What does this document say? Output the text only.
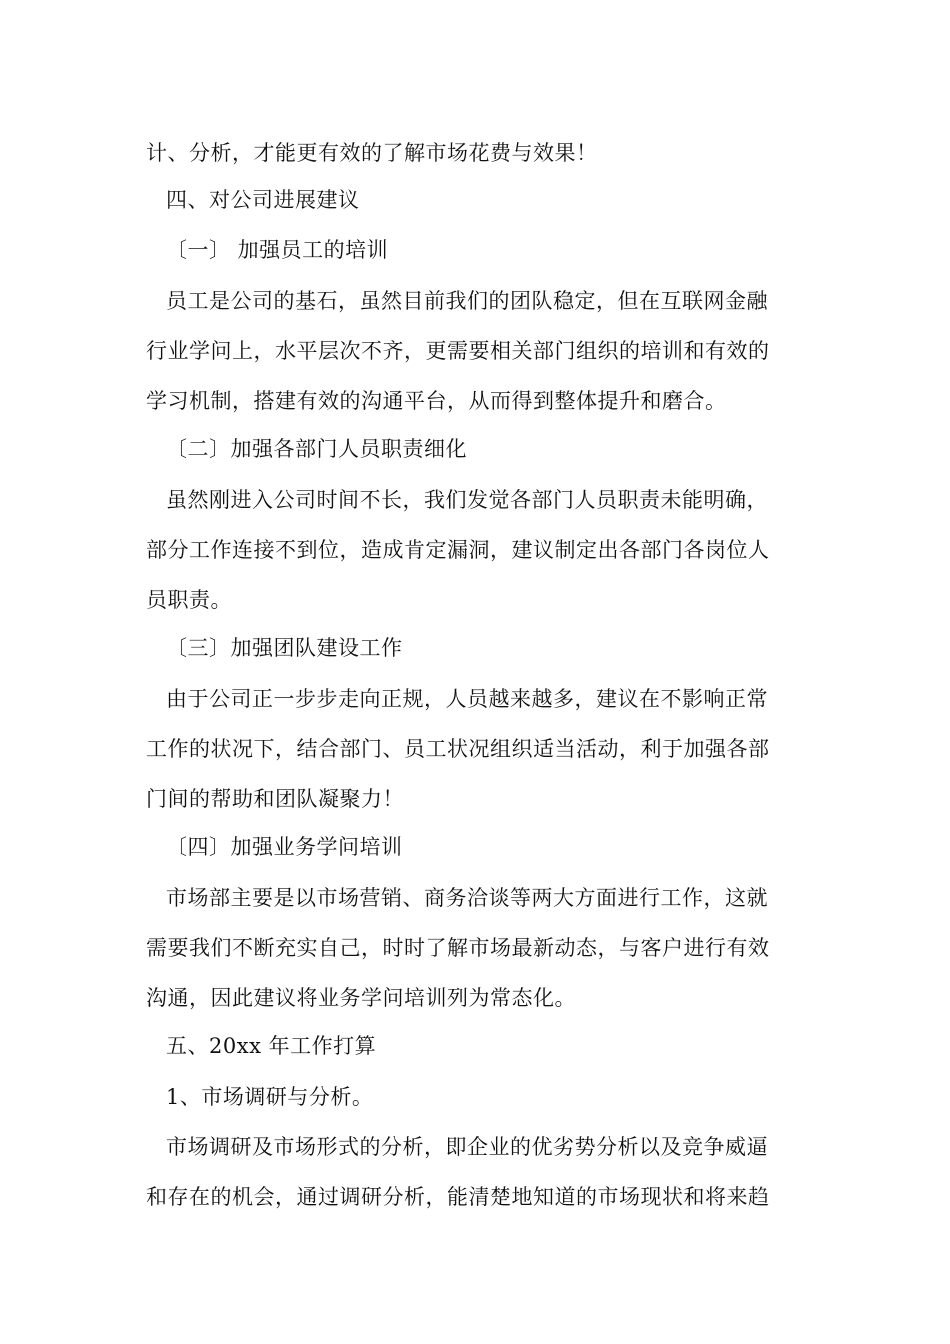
计、分析，才能更有效的了解市场花费与效果！
四、对公司进展建议
〔一〕 加强员工的培训
员工是公司的基石，虽然目前我们的团队稳定，但在互联网金融
行业学问上，水平层次不齐，更需要相关部门组织的培训和有效的
学习机制，搭建有效的沟通平台，从而得到整体提升和磨合。
〔二〕加强各部门人员职责细化
虽然刚进入公司时间不长，我们发觉各部门人员职责未能明确，
部分工作连接不到位，造成肯定漏洞，建议制定出各部门各岗位人
员职责。
〔三〕加强团队建设工作
由于公司正一步步走向正规，人员越来越多，建议在不影响正常
工作的状况下，结合部门、员工状况组织适当活动，利于加强各部
门间的帮助和团队凝聚力！
〔四〕加强业务学问培训
市场部主要是以市场营销、商务洽谈等两大方面进行工作，这就
需要我们不断充实自己，时时了解市场最新动态，与客户进行有效
沟通，因此建议将业务学问培训列为常态化。
五、20xx 年工作打算
1、市场调研与分析。
市场调研及市场形式的分析，即企业的优劣势分析以及竞争威逼
和存在的机会，通过调研分析，能清楚地知道的市场现状和将来趋
